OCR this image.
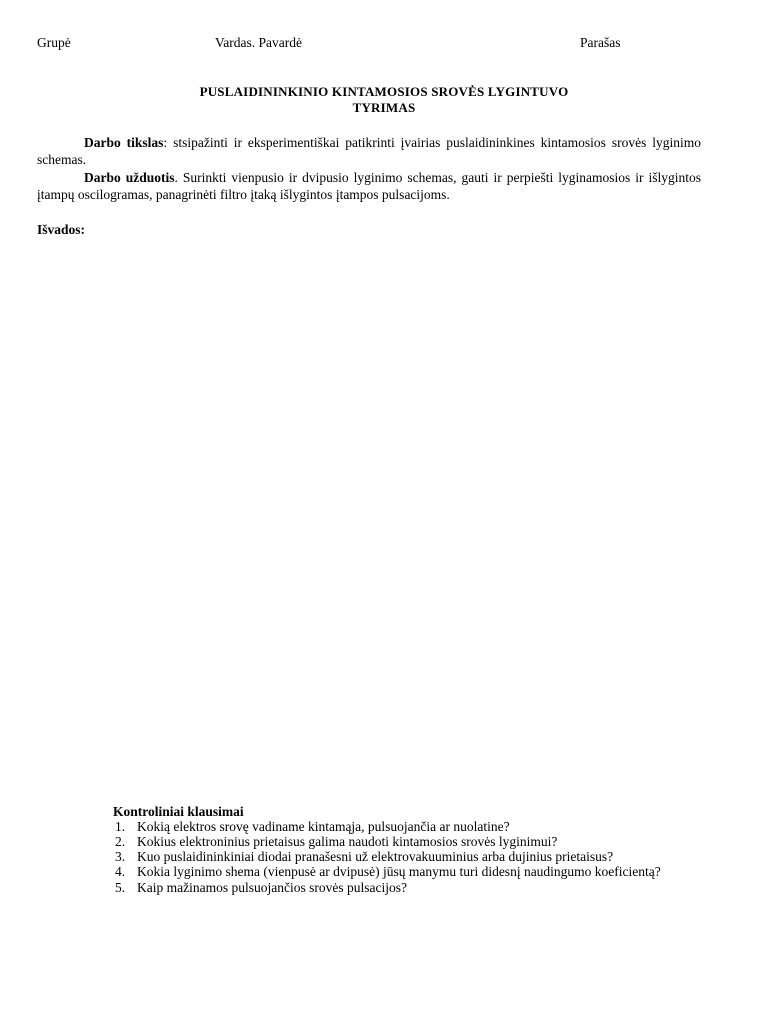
Grupė	Vardas. Pavardė	Parašas
PUSLAIDININKINIO KINTAMOSIOS SROVĖS LYGINTUVO
TYRIMAS
Darbo tikslas: stsipažinti ir eksperimentiškai patikrinti įvairias puslaidininkines kintamosios srovės lyginimo schemas.
Darbo užduotis. Surinkti vienpusio ir dvipusio lyginimo schemas, gauti ir perpiešti lyginamosios ir išlygintos įtampų oscilogramas, panagrinėti filtro įtaką išlygintos įtampos pulsacijoms.
Išvados:
Kontroliniai klausimai
1. Kokią elektros srovę vadiname kintamąja, pulsuojančia ar nuolatine?
2. Kokius elektroninius prietaisus galima naudoti kintamosios srovės lyginimui?
3. Kuo puslaidininkiniai diodai pranašesni už elektrovakuuminius arba dujinius prietaisus?
4. Kokia lyginimo shema (vienpusė ar dvipusė) jūsų manymu turi didesnį naudingumo koeficientą?
5. Kaip mažinamos pulsuojančios srovės pulsacijos?
